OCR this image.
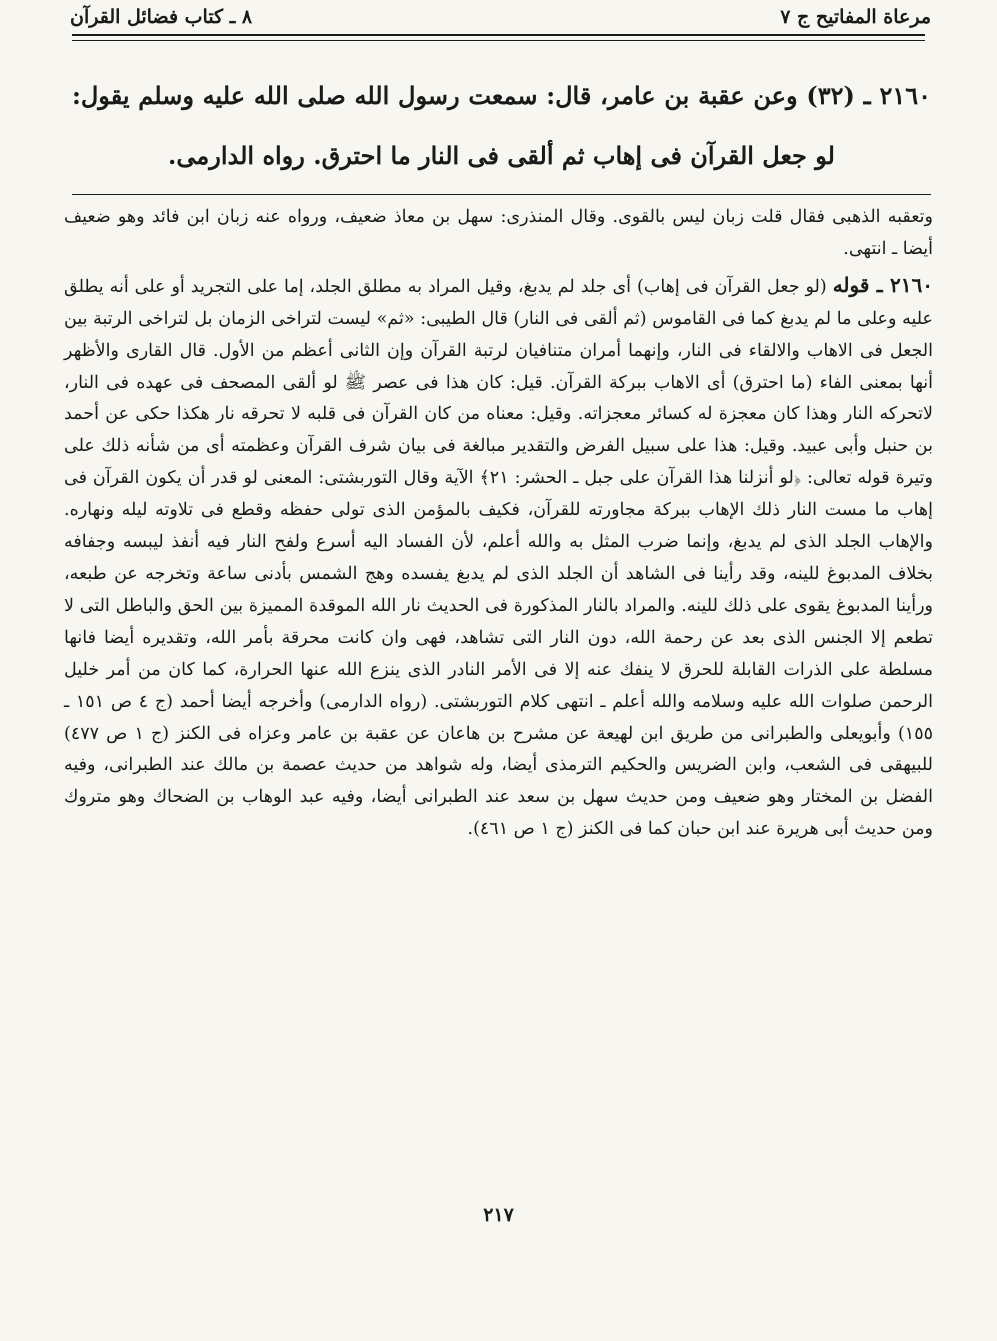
مرعاة المفاتيح ج ٧
٨ ـ كتاب فضائل القرآن
٢١٦٠ ـ (٣٢) وعن عقبة بن عامر، قال: سمعت رسول الله صلى الله عليه وسلم يقول: لو جعل القرآن فى إهاب ثم ألقى فى النار ما احترق. رواه الدارمى.

وتعقبه الذهبى فقال قلت زبان ليس بالقوى. وقال المنذرى: سهل بن معاذ ضعيف، ورواه عنه زبان ابن فائد وهو ضعيف أيضا ـ انتهى.

٢١٦٠ ـ قوله (لو جعل القرآن فى إهاب) أى جلد لم يدبغ، وقيل المراد به مطلق الجلد، إما على التجريد أو على أنه يطلق عليه وعلى ما لم يدبغ كما فى القاموس (ثم ألقى فى النار) قال الطيبى: «ثم» ليست لتراخى الزمان بل لتراخى الرتبة بين الجعل فى الاهاب والالقاء فى النار، وإنهما أمران متنافيان لرتبة القرآن وإن الثانى أعظم من الأول. قال القارى والأظهر أنها بمعنى الفاء (ما احترق) أى الاهاب ببركة القرآن. قيل: كان هذا فى عصر ﷺ لو ألقى المصحف فى عهده فى النار، لاتحركه النار وهذا كان معجزة له كسائر معجزاته. وقيل: معناه من كان القرآن فى قلبه لا تحرقه نار هكذا حكى عن أحمد بن حنبل وأبى عبيد. وقيل: هذا على سبيل الفرض والتقدير مبالغة فى بيان شرف القرآن وعظمته أى من شأنه ذلك على وتيرة قوله تعالى: ﴿لو أنزلنا هذا القرآن على جبل ـ الحشر: ٢١﴾ الآية وقال التوربشتى: المعنى لو قدر أن يكون القرآن فى إهاب ما مست النار ذلك الإهاب ببركة مجاورته للقرآن، فكيف بالمؤمن الذى تولى حفظه وقطع فى تلاوته ليله ونهاره. والإهاب الجلد الذى لم يدبغ، وإنما ضرب المثل به والله أعلم، لأن الفساد اليه أسرع ولفح النار فيه أنفذ ليبسه وجفافه بخلاف المدبوغ للينه، وقد رأينا فى الشاهد أن الجلد الذى لم يدبغ يفسده وهج الشمس بأدنى ساعة وتخرجه عن طبعه، ورأينا المدبوغ يقوى على ذلك للينه. والمراد بالنار المذكورة فى الحديث نار الله الموقدة المميزة بين الحق والباطل التى لا تطعم إلا الجنس الذى بعد عن رحمة الله، دون النار التى تشاهد، فهى وان كانت محرقة بأمر الله، وتقديره أيضا فانها مسلطة على الذرات القابلة للحرق لا ينفك عنه إلا فى الأمر النادر الذى ينزع الله عنها الحرارة، كما كان من أمر خليل الرحمن صلوات الله عليه وسلامه والله أعلم ـ انتهى كلام التوربشتى. (رواه الدارمى) وأخرجه أيضا أحمد (ج ٤ ص ١٥١ ـ ١٥٥) وأبويعلى والطبرانى من طريق ابن لهيعة عن مشرح بن هاعان عن عقبة بن عامر وعزاه فى الكنز (ج ١ ص ٤٧٧) للبيهقى فى الشعب، وابن الضريس والحكيم الترمذى أيضا، وله شواهد من حديث عصمة بن مالك عند الطبرانى، وفيه الفضل بن المختار وهو ضعيف ومن حديث سهل بن سعد عند الطبرانى أيضا، وفيه عبد الوهاب بن الضحاك وهو متروك ومن حديث أبى هريرة عند ابن حبان كما فى الكنز (ج ١ ص ٤٦١).

٢١٧
